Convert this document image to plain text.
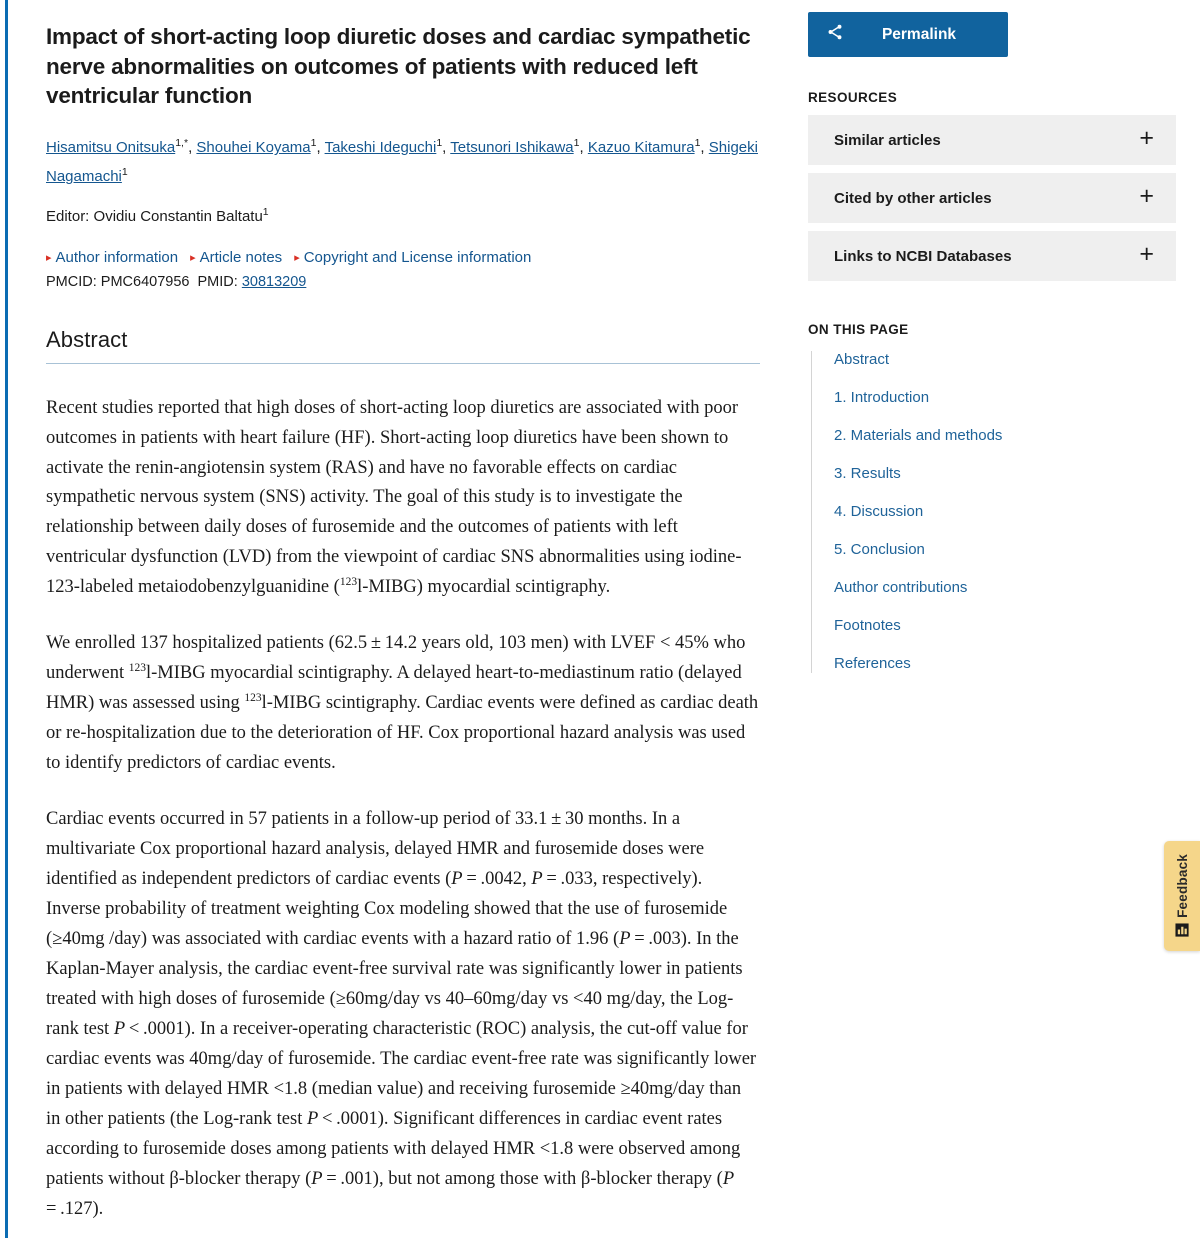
Impact of short-acting loop diuretic doses and cardiac sympathetic nerve abnormalities on outcomes of patients with reduced left ventricular function
Hisamitsu Onitsuka1,*, Shouhei Koyama1, Takeshi Ideguchi1, Tetsunori Ishikawa1, Kazuo Kitamura1, Shigeki Nagamachi1
Editor: Ovidiu Constantin Baltatu1
▸ Author information ▸ Article notes ▸ Copyright and License information
PMCID: PMC6407956 PMID: 30813209
Abstract

Recent studies reported that high doses of short-acting loop diuretics are associated with poor outcomes in patients with heart failure (HF). Short-acting loop diuretics have been shown to activate the renin-angiotensin system (RAS) and have no favorable effects on cardiac sympathetic nervous system (SNS) activity. The goal of this study is to investigate the relationship between daily doses of furosemide and the outcomes of patients with left ventricular dysfunction (LVD) from the viewpoint of cardiac SNS abnormalities using iodine-123-labeled metaiodobenzylguanidine ($^{123}$l-MIBG) myocardial scintigraphy.

We enrolled 137 hospitalized patients (62.5 ± 14.2 years old, 103 men) with LVEF < 45% who underwent $^{123}$l-MIBG myocardial scintigraphy. A delayed heart-to-mediastinum ratio (delayed HMR) was assessed using $^{123}$l-MIBG scintigraphy. Cardiac events were defined as cardiac death or re-hospitalization due to the deterioration of HF. Cox proportional hazard analysis was used to identify predictors of cardiac events.

Cardiac events occurred in 57 patients in a follow-up period of 33.1 ± 30 months. In a multivariate Cox proportional hazard analysis, delayed HMR and furosemide doses were identified as independent predictors of cardiac events (P = .0042, P = .033, respectively). Inverse probability of treatment weighting Cox modeling showed that the use of furosemide (≥40mg /day) was associated with cardiac events with a hazard ratio of 1.96 (P = .003). In the Kaplan-Mayer analysis, the cardiac event-free survival rate was significantly lower in patients treated with high doses of furosemide (≥60mg/day vs 40–60mg/day vs <40 mg/day, the Log-rank test P < .0001). In a receiver-operating characteristic (ROC) analysis, the cut-off value for cardiac events was 40mg/day of furosemide. The cardiac event-free rate was significantly lower in patients with delayed HMR <1.8 (median value) and receiving furosemide ≥40mg/day than in other patients (the Log-rank test P < .0001). Significant differences in cardiac event rates according to furosemide doses among patients with delayed HMR <1.8 were observed among patients without β-blocker therapy (P = .001), but not among those with β-blocker therapy (P = .127).

Permalink
RESOURCES
Similar articles	+
Cited by other articles	+
Links to NCBI Databases	+
ON THIS PAGE
Abstract
1. Introduction
2. Materials and methods
3. Results
4. Discussion
5. Conclusion
Author contributions
Footnotes
References
Feedback
